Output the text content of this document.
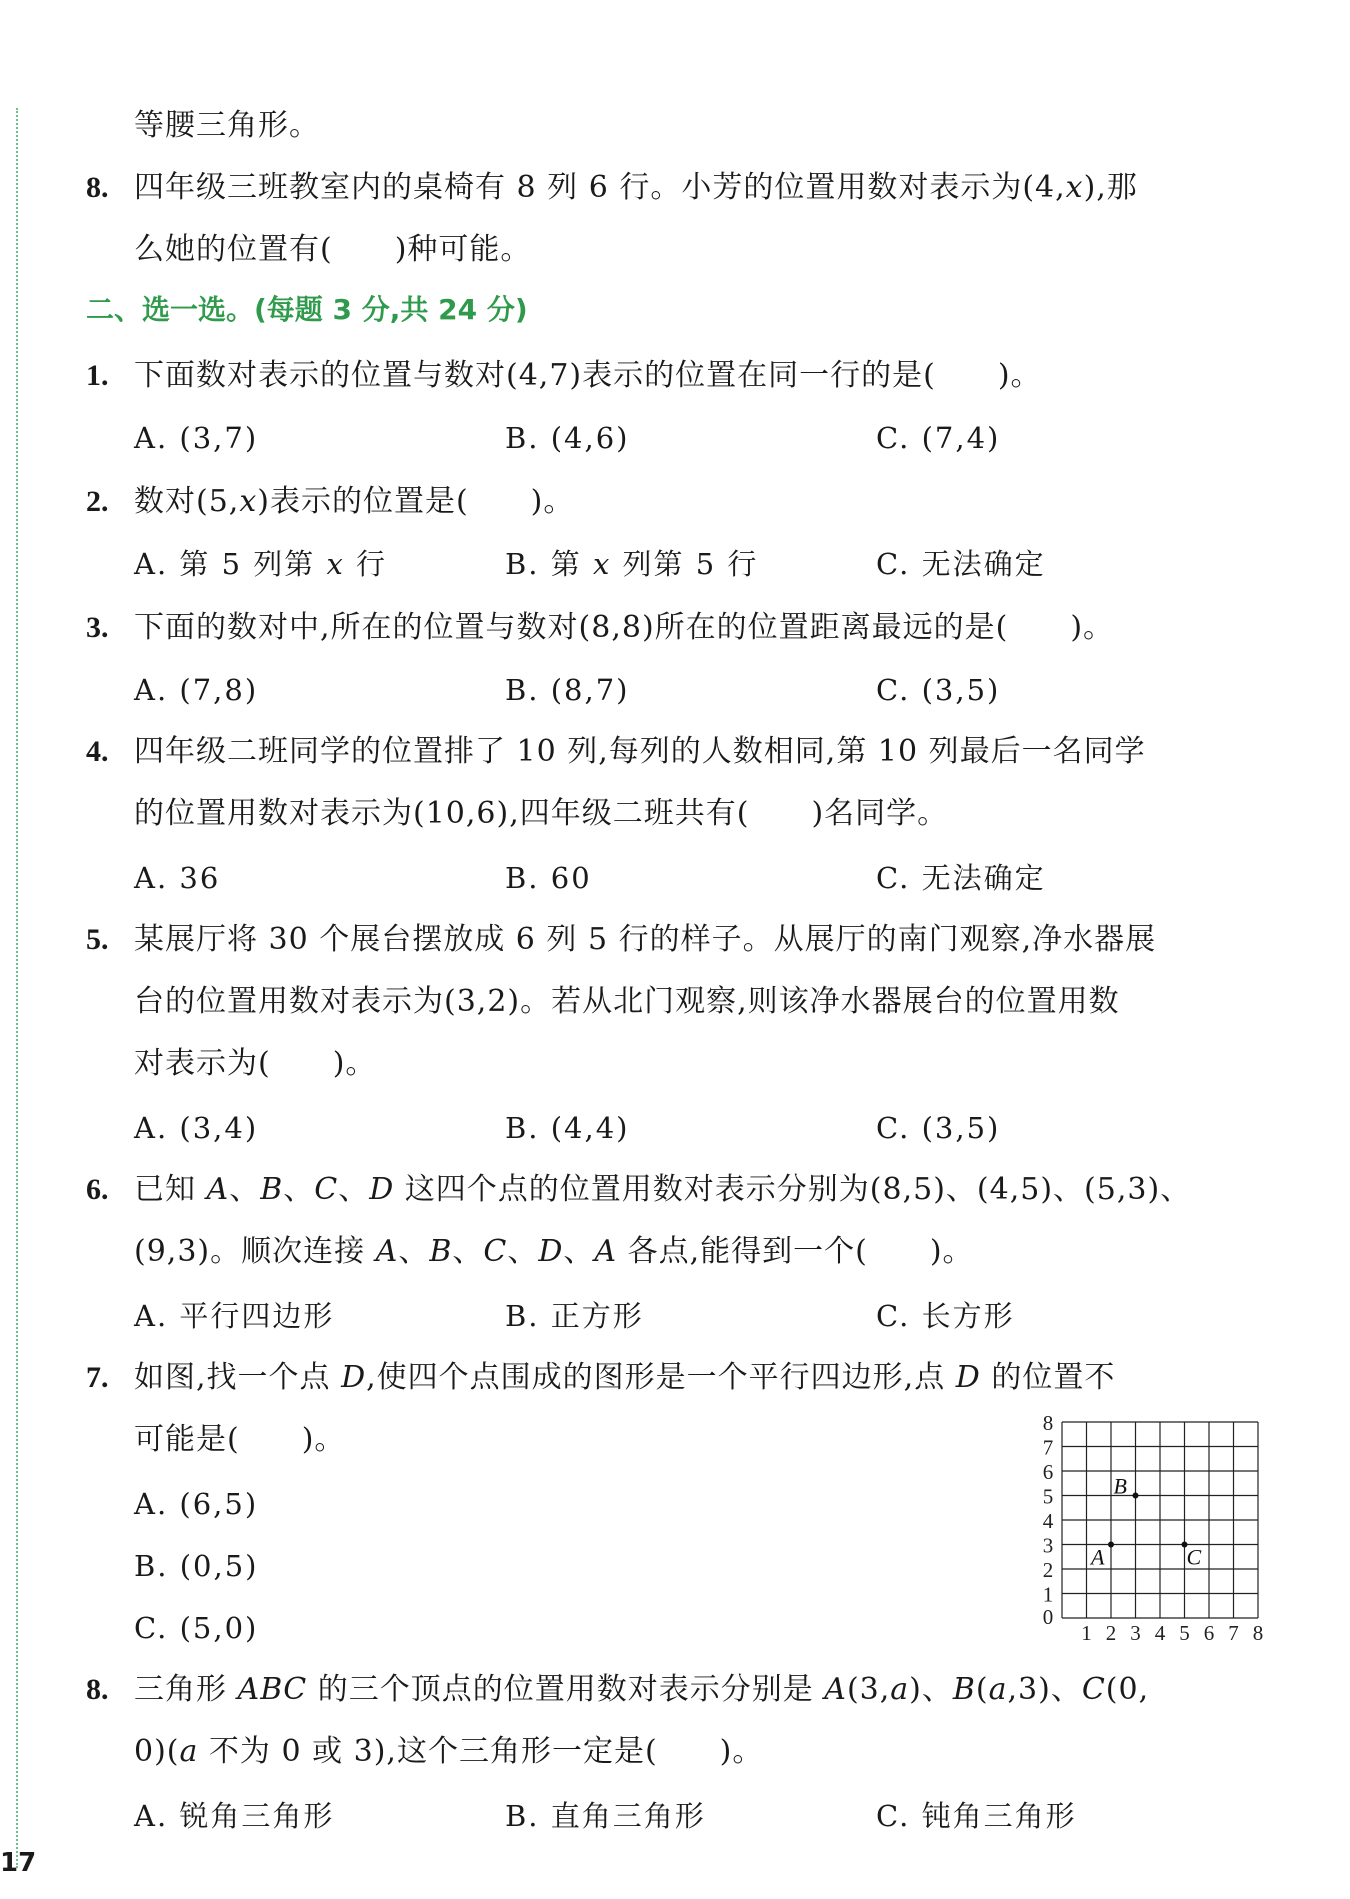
等腰三角形。
8. 四年级三班教室内的桌椅有 8 列 6 行。小芳的位置用数对表示为(4,𝑥),那
么她的位置有(　　)种可能。
二、选一选。(每题 3 分,共 24 分)
1. 下面数对表示的位置与数对(4,7)表示的位置在同一行的是(　　)。
A. (3,7)	B. (4,6)	C. (7,4)
2. 数对(5,𝑥)表示的位置是(　　)。
A. 第 5 列第 𝑥 行	B. 第 𝑥 列第 5 行	C. 无法确定
3. 下面的数对中,所在的位置与数对(8,8)所在的位置距离最远的是(　　)。
A. (7,8)	B. (8,7)	C. (3,5)
4. 四年级二班同学的位置排了 10 列,每列的人数相同,第 10 列最后一名同学
的位置用数对表示为(10,6),四年级二班共有(　　)名同学。
A. 36	B. 60	C. 无法确定
5. 某展厅将 30 个展台摆放成 6 列 5 行的样子。从展厅的南门观察,净水器展
台的位置用数对表示为(3,2)。若从北门观察,则该净水器展台的位置用数
对表示为(　　)。
A. (3,4)	B. (4,4)	C. (3,5)
6. 已知 𝐴、𝐵、𝐶、𝐷 这四个点的位置用数对表示分别为(8,5)、(4,5)、(5,3)、
(9,3)。顺次连接 𝐴、𝐵、𝐶、𝐷、𝐴 各点,能得到一个(　　)。
A. 平行四边形	B. 正方形	C. 长方形
7. 如图,找一个点 𝐷,使四个点围成的图形是一个平行四边形,点 𝐷 的位置不
可能是(　　)。
A. (6,5)
B. (0,5)
C. (5,0)	0
1 2 3 4 5 6 7 8
1
2
3
4
5
6
7
8
A
B
C
8. 三角形 𝐴𝐵𝐶 的三个顶点的位置用数对表示分别是 𝐴(3,𝑎)、𝐵(𝑎,3)、𝐶(0,
0)(𝑎 不为 0 或 3),这个三角形一定是(　　)。
A. 锐角三角形	B. 直角三角形	C. 钝角三角形
17
